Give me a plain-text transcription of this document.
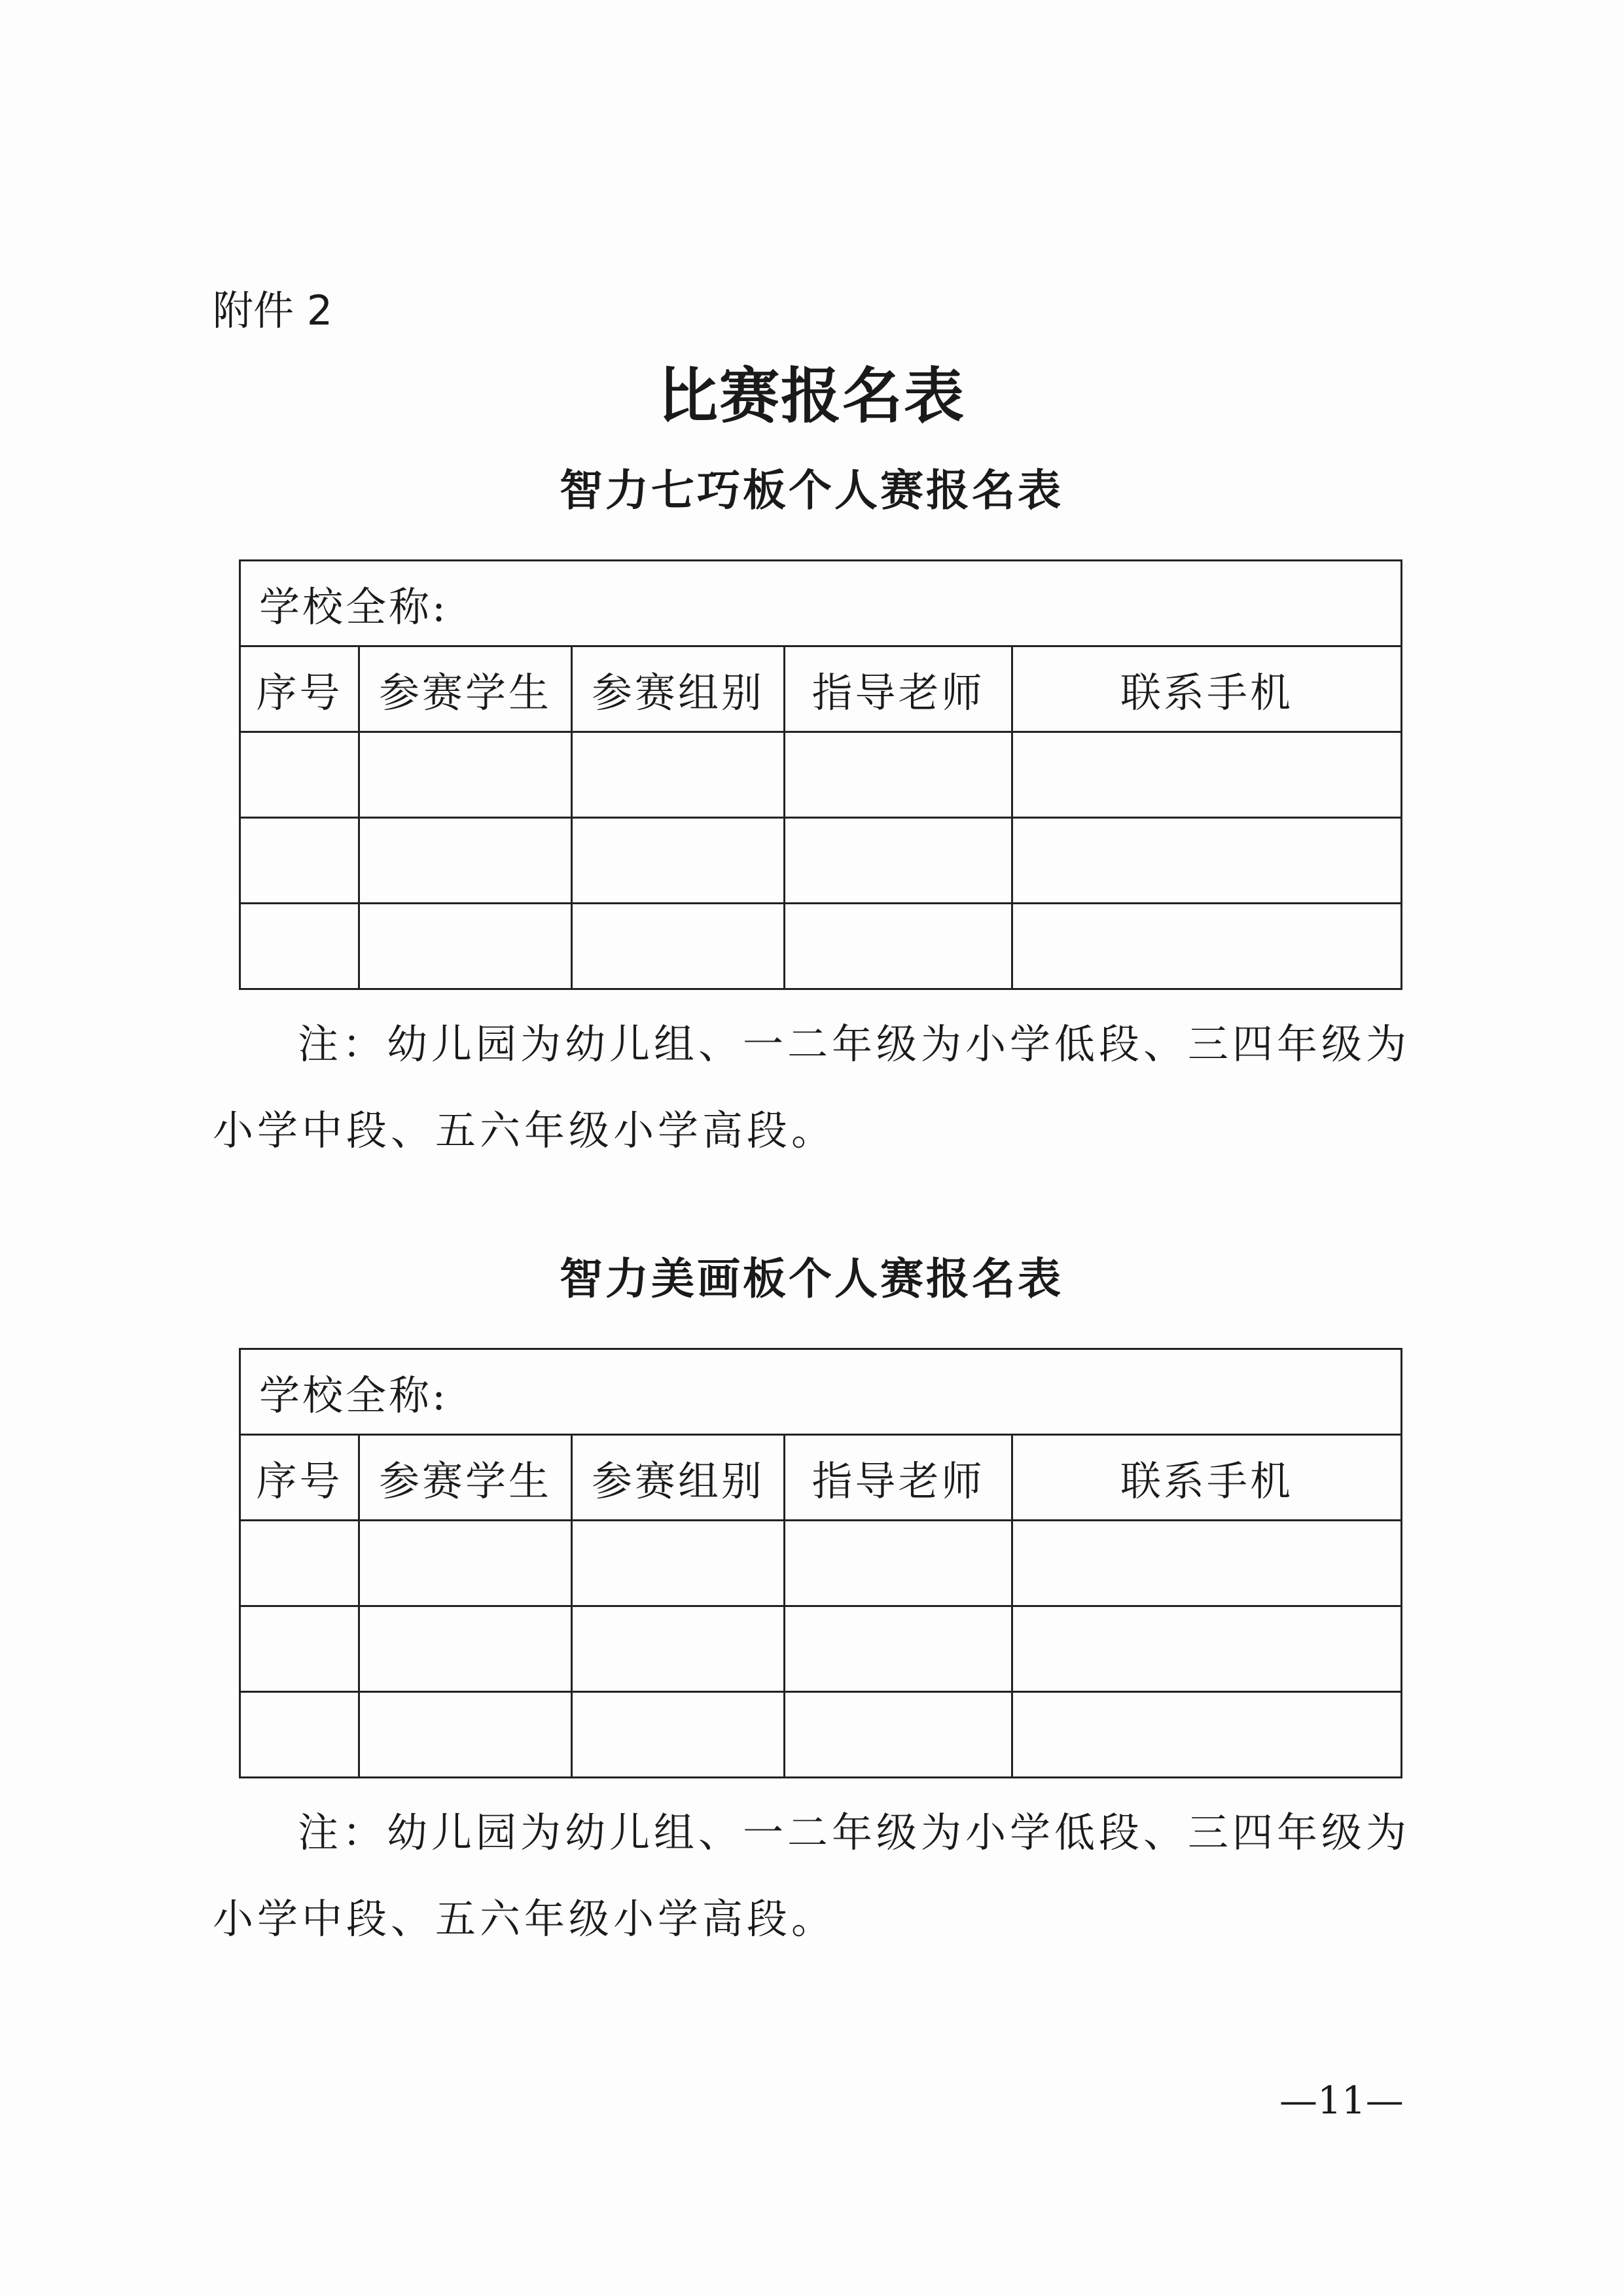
附件 2
比赛报名表
智力七巧板个人赛报名表
学校全称:				
序号	参赛学生	参赛组别	指导老师	联系手机

注：幼儿园为幼儿组、一二年级为小学低段、三四年级为小学中段、五六年级小学高段。
智力美画板个人赛报名表
学校全称:				
序号	参赛学生	参赛组别	指导老师	联系手机

注：幼儿园为幼儿组、一二年级为小学低段、三四年级为小学中段、五六年级小学高段。
—11—
